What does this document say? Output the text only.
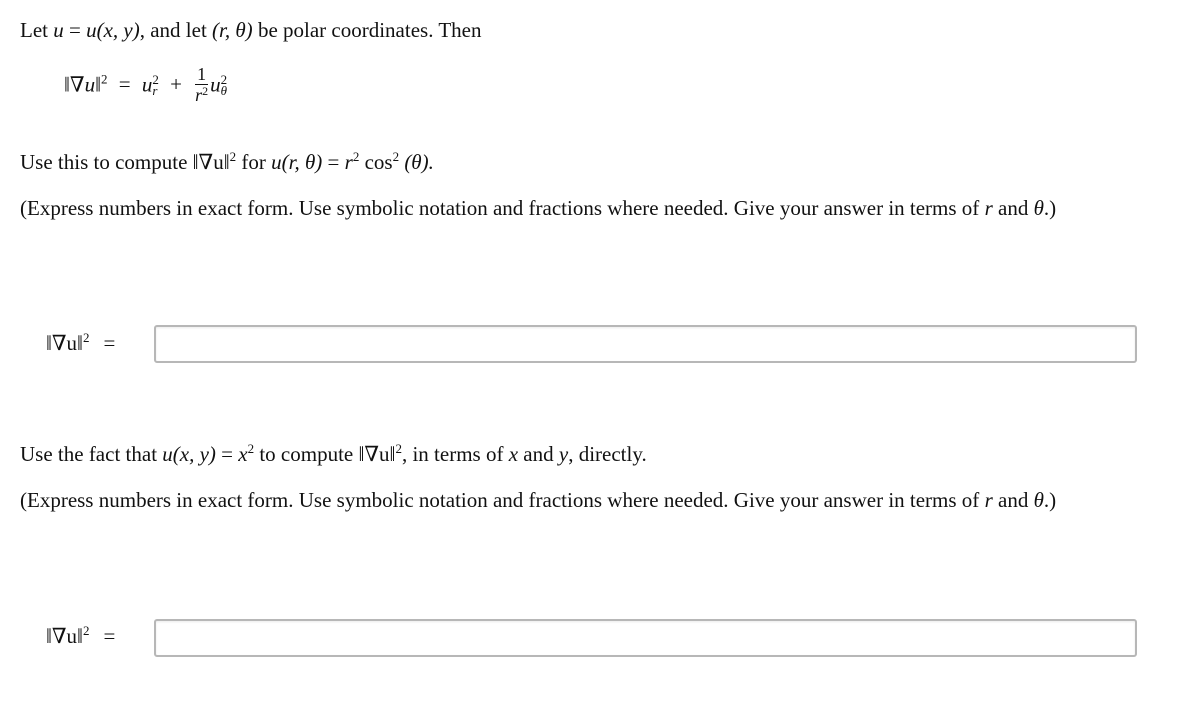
Let u = u(x, y), and let (r, θ) be polar coordinates. Then
‖∇u‖$^2$ = u 2
$r + \frac{1}{r^2}$ u 2
θ
Use this to compute ‖∇u‖$^2$ for u(r, $\theta) = r^2$ $\cos^2 (\theta)$.
(Express numbers in exact form. Use symbolic notation and fractions where needed. Give your answer in terms of r and θ.)
‖∇u‖$^2$ =
Use the fact that u(x, $y) = x^2$ to compute ‖∇u‖$^2$, in terms of x and y, directly.
(Express numbers in exact form. Use symbolic notation and fractions where needed. Give your answer in terms of r and θ.)
‖∇u‖$^2$ =
